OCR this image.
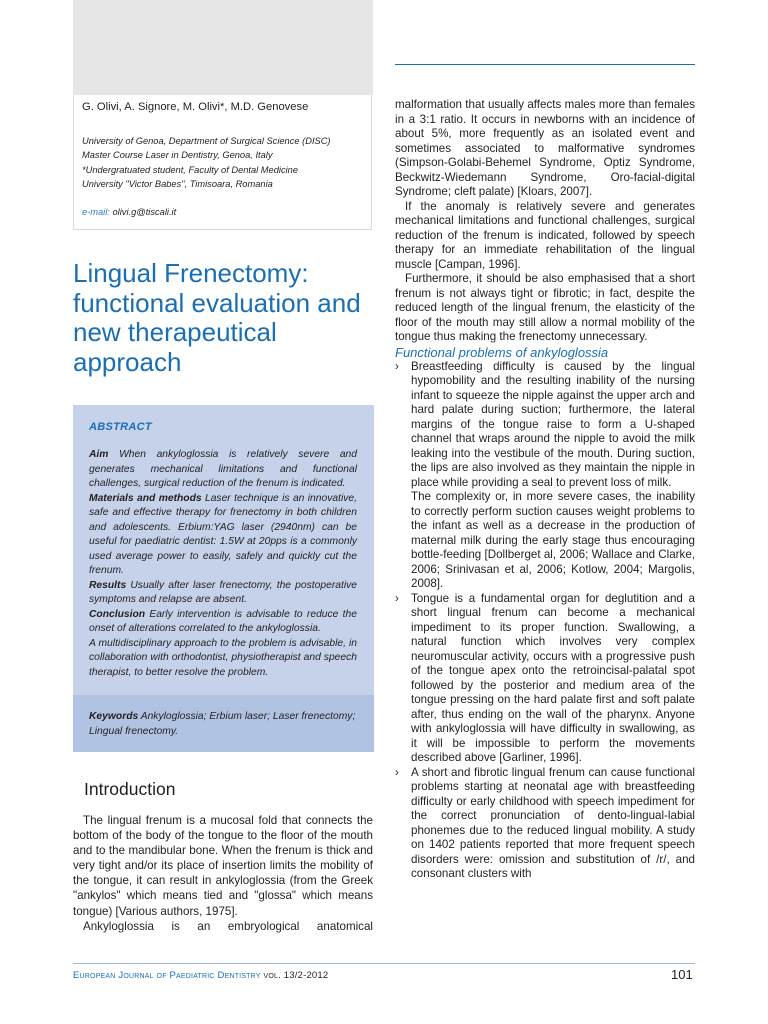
G. Olivi, A. Signore, M. Olivi*, M.D. Genovese
University of Genoa, Department of Surgical Science (DISC)
Master Course Laser in Dentistry, Genoa, Italy
*Undergratuated student, Faculty of Dental Medicine
University "Victor Babes", Timisoara, Romania
e-mail: olivi.g@tiscali.it
Lingual Frenectomy: functional evaluation and new therapeutical approach
ABSTRACT

Aim When ankyloglossia is relatively severe and generates mechanical limitations and functional challenges, surgical reduction of the frenum is indicated.

Materials and methods Laser technique is an innovative, safe and effective therapy for frenectomy in both children and adolescents. Erbium:YAG laser (2940nm) can be useful for paediatric dentist: 1.5W at 20pps is a commonly used average power to easily, safely and quickly cut the frenum.

Results Usually after laser frenectomy, the postoperative symptoms and relapse are absent.

Conclusion Early intervention is advisable to reduce the onset of alterations correlated to the ankyloglossia.

A multidisciplinary approach to the problem is advisable, in collaboration with orthodontist, physiotherapist and speech therapist, to better resolve the problem.

Keywords Ankyloglossia; Erbium laser; Laser frenectomy; Lingual frenectomy.
Introduction

The lingual frenum is a mucosal fold that connects the bottom of the body of the tongue to the floor of the mouth and to the mandibular bone. When the frenum is thick and very tight and/or its place of insertion limits the mobility of the tongue, it can result in ankyloglossia (from the Greek "ankylos" which means tied and "glossa" which means tongue) [Various authors, 1975].

Ankyloglossia is an embryological anatomical

malformation that usually affects males more than females in a 3:1 ratio. It occurs in newborns with an incidence of about 5%, more frequently as an isolated event and sometimes associated to malformative syndromes (Simpson-Golabi-Behemel Syndrome, Optiz Syndrome, Beckwitz-Wiedemann Syndrome, Oro-facial-digital Syndrome; cleft palate) [Kloars, 2007].

If the anomaly is relatively severe and generates mechanical limitations and functional challenges, surgical reduction of the frenum is indicated, followed by speech therapy for an immediate rehabilitation of the lingual muscle [Campan, 1996].

Furthermore, it should be also emphasised that a short frenum is not always tight or fibrotic; in fact, despite the reduced length of the lingual frenum, the elasticity of the floor of the mouth may still allow a normal mobility of the tongue thus making the frenectomy unnecessary.

Functional problems of ankyloglossia

› Breastfeeding difficulty is caused by the lingual hypomobility and the resulting inability of the nursing infant to squeeze the nipple against the upper arch and hard palate during suction; furthermore, the lateral margins of the tongue raise to form a U-shaped channel that wraps around the nipple to avoid the milk leaking into the vestibule of the mouth. During suction, the lips are also involved as they maintain the nipple in place while providing a seal to prevent loss of milk.

The complexity or, in more severe cases, the inability to correctly perform suction causes weight problems to the infant as well as a decrease in the production of maternal milk during the early stage thus encouraging bottle-feeding [Dollberget al, 2006; Wallace and Clarke, 2006; Srinivasan et al, 2006; Kotlow, 2004; Margolis, 2008].

› Tongue is a fundamental organ for deglutition and a short lingual frenum can become a mechanical impediment to its proper function. Swallowing, a natural function which involves very complex neuromuscular activity, occurs with a progressive push of the tongue apex onto the retroincisal-palatal spot followed by the posterior and medium area of the tongue pressing on the hard palate first and soft palate after, thus ending on the wall of the pharynx. Anyone with ankyloglossia will have difficulty in swallowing, as it will be impossible to perform the movements described above [Garliner, 1996].

› A short and fibrotic lingual frenum can cause functional problems starting at neonatal age with breastfeeding difficulty or early childhood with speech impediment for the correct pronunciation of dento-lingual-labial phonemes due to the reduced lingual mobility. A study on 1402 patients reported that more frequent speech disorders were: omission and substitution of /r/, and consonant clusters with

European Journal of Paediatric Dentistry vol. 13/2-2012	101
